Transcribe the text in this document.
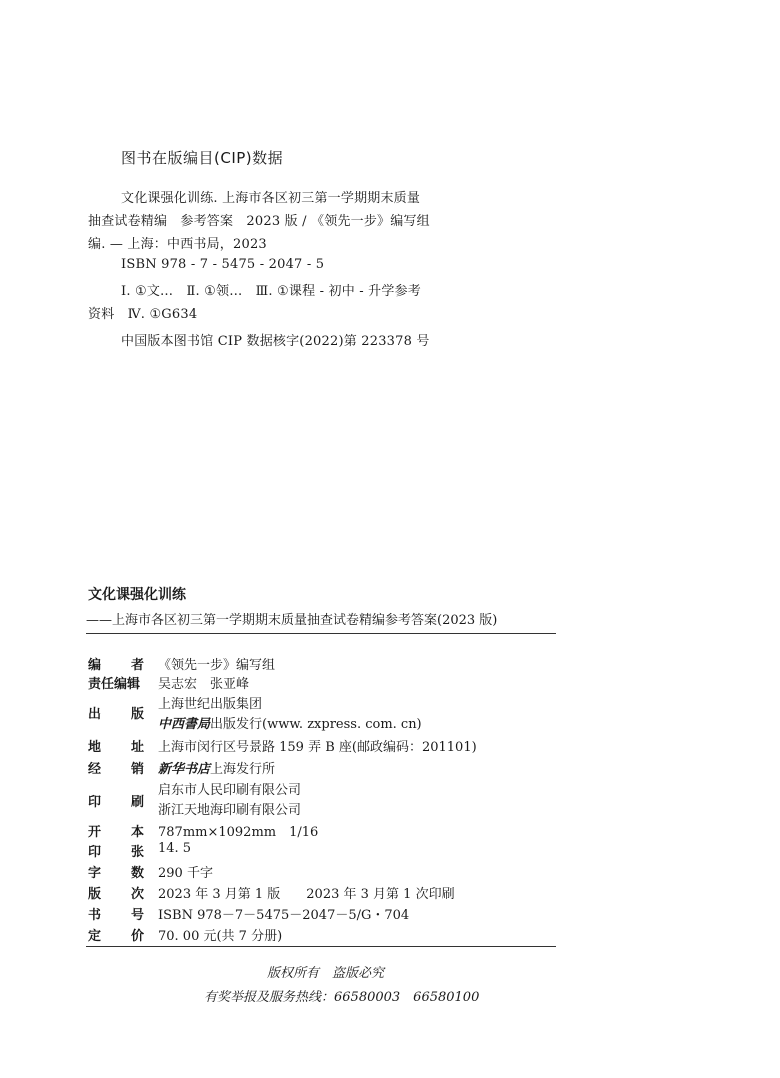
图书在版编目(CIP)数据
文化课强化训练. 上海市各区初三第一学期期末质量
抽查试卷精编　参考答案　2023 版 / 《领先一步》编写组
编. — 上海：中西书局，2023
ISBN 978 - 7 - 5475 - 2047 - 5
Ⅰ. ①文…　Ⅱ. ①领…　Ⅲ. ①课程 - 初中 - 升学参考
资料　Ⅳ. ①G634
中国版本图书馆 CIP 数据核字(2022)第 223378 号
文化课强化训练
——上海市各区初三第一学期期末质量抽查试卷精编参考答案(2023 版)
编 者 《领先一步》编写组
责任编辑	吴志宏　张亚峰
出 版
上海世纪出版集团
中西書局出版发行(www. zxpress. com. cn)
地 址 上海市闵行区号景路 159 弄 B 座(邮政编码：201101)
经 销 新华书店上海发行所
印 刷
启东市人民印刷有限公司
浙江天地海印刷有限公司
开 本 787mm×1092mm　1/16
印 张 14. 5
字 数 290 千字
版 次 2023 年 3 月第 1 版　　2023 年 3 月第 1 次印刷
书 号 ISBN 978－7－5475－2047－5/G・704
定 价 70. 00 元(共 7 分册)
版权所有　盗版必究
有奖举报及服务热线：66580003　66580100
